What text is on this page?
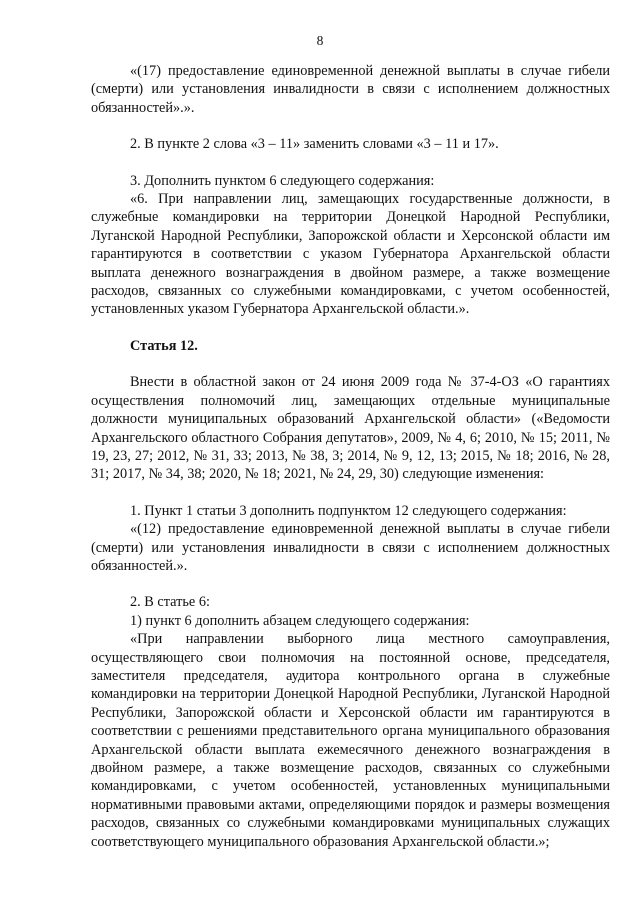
8

«(17) предоставление единовременной денежной выплаты в случае гибели (смерти) или установления инвалидности в связи с исполнением должностных обязанностей».».

2. В пункте 2 слова «3 – 11» заменить словами «3 – 11 и 17».

3. Дополнить пунктом 6 следующего содержания:

«6. При направлении лиц, замещающих государственные должности, в служебные командировки на территории Донецкой Народной Республики, Луганской Народной Республики, Запорожской области и Херсонской области им гарантируются в соответствии с указом Губернатора Архангельской области выплата денежного вознаграждения в двойном размере, а также возмещение расходов, связанных со служебными командировками, с учетом особенностей, установленных указом Губернатора Архангельской области.».

Статья 12.

Внести в областной закон от 24 июня 2009 года № 37-4-ОЗ «О гарантиях осуществления полномочий лиц, замещающих отдельные муниципальные должности муниципальных образований Архангельской области» («Ведомости Архангельского областного Собрания депутатов», 2009, № 4, 6; 2010, № 15; 2011, № 19, 23, 27; 2012, № 31, 33; 2013, № 38, 3; 2014, № 9, 12, 13; 2015, № 18; 2016, № 28, 31; 2017, № 34, 38; 2020, № 18; 2021, № 24, 29, 30) следующие изменения:

1. Пункт 1 статьи 3 дополнить подпунктом 12 следующего содержания:

«(12) предоставление единовременной денежной выплаты в случае гибели (смерти) или установления инвалидности в связи с исполнением должностных обязанностей.».

2. В статье 6:

1) пункт 6 дополнить абзацем следующего содержания:

«При направлении выборного лица местного самоуправления, осуществляющего свои полномочия на постоянной основе, председателя, заместителя председателя, аудитора контрольного органа в служебные командировки на территории Донецкой Народной Республики, Луганской Народной Республики, Запорожской области и Херсонской области им гарантируются в соответствии с решениями представительного органа муниципального образования Архангельской области выплата ежемесячного денежного вознаграждения в двойном размере, а также возмещение расходов, связанных со служебными командировками, с учетом особенностей, установленных муниципальными нормативными правовыми актами, определяющими порядок и размеры возмещения расходов, связанных со служебными командировками муниципальных служащих соответствующего муниципального образования Архангельской области.»;
